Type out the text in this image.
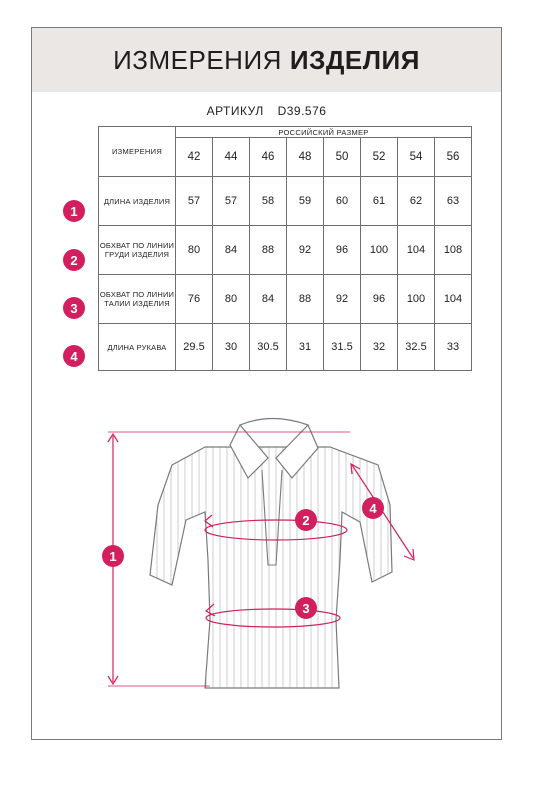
ИЗМЕРЕНИЯ ИЗДЕЛИЯ
АРТИКУЛ D39.576
ИЗМЕРЕНИЯ	РОССИЙСКИЙ РАЗМЕР							
	42	44	46	48	50	52	54	56
ДЛИНА ИЗДЕЛИЯ	57	57	58	59	60	61	62	63
ОБХВАТ ПО ЛИНИИ ГРУДИ ИЗДЕЛИЯ	80	84	88	92	96	100	104	108
ОБХВАТ ПО ЛИНИИ ТАЛИИ ИЗДЕЛИЯ	76	80	84	88	92	96	100	104
ДЛИНА РУКАВА	29.5	30	30.5	31	31.5	32	32.5	33
1
2
3
4
1
2
3
4
